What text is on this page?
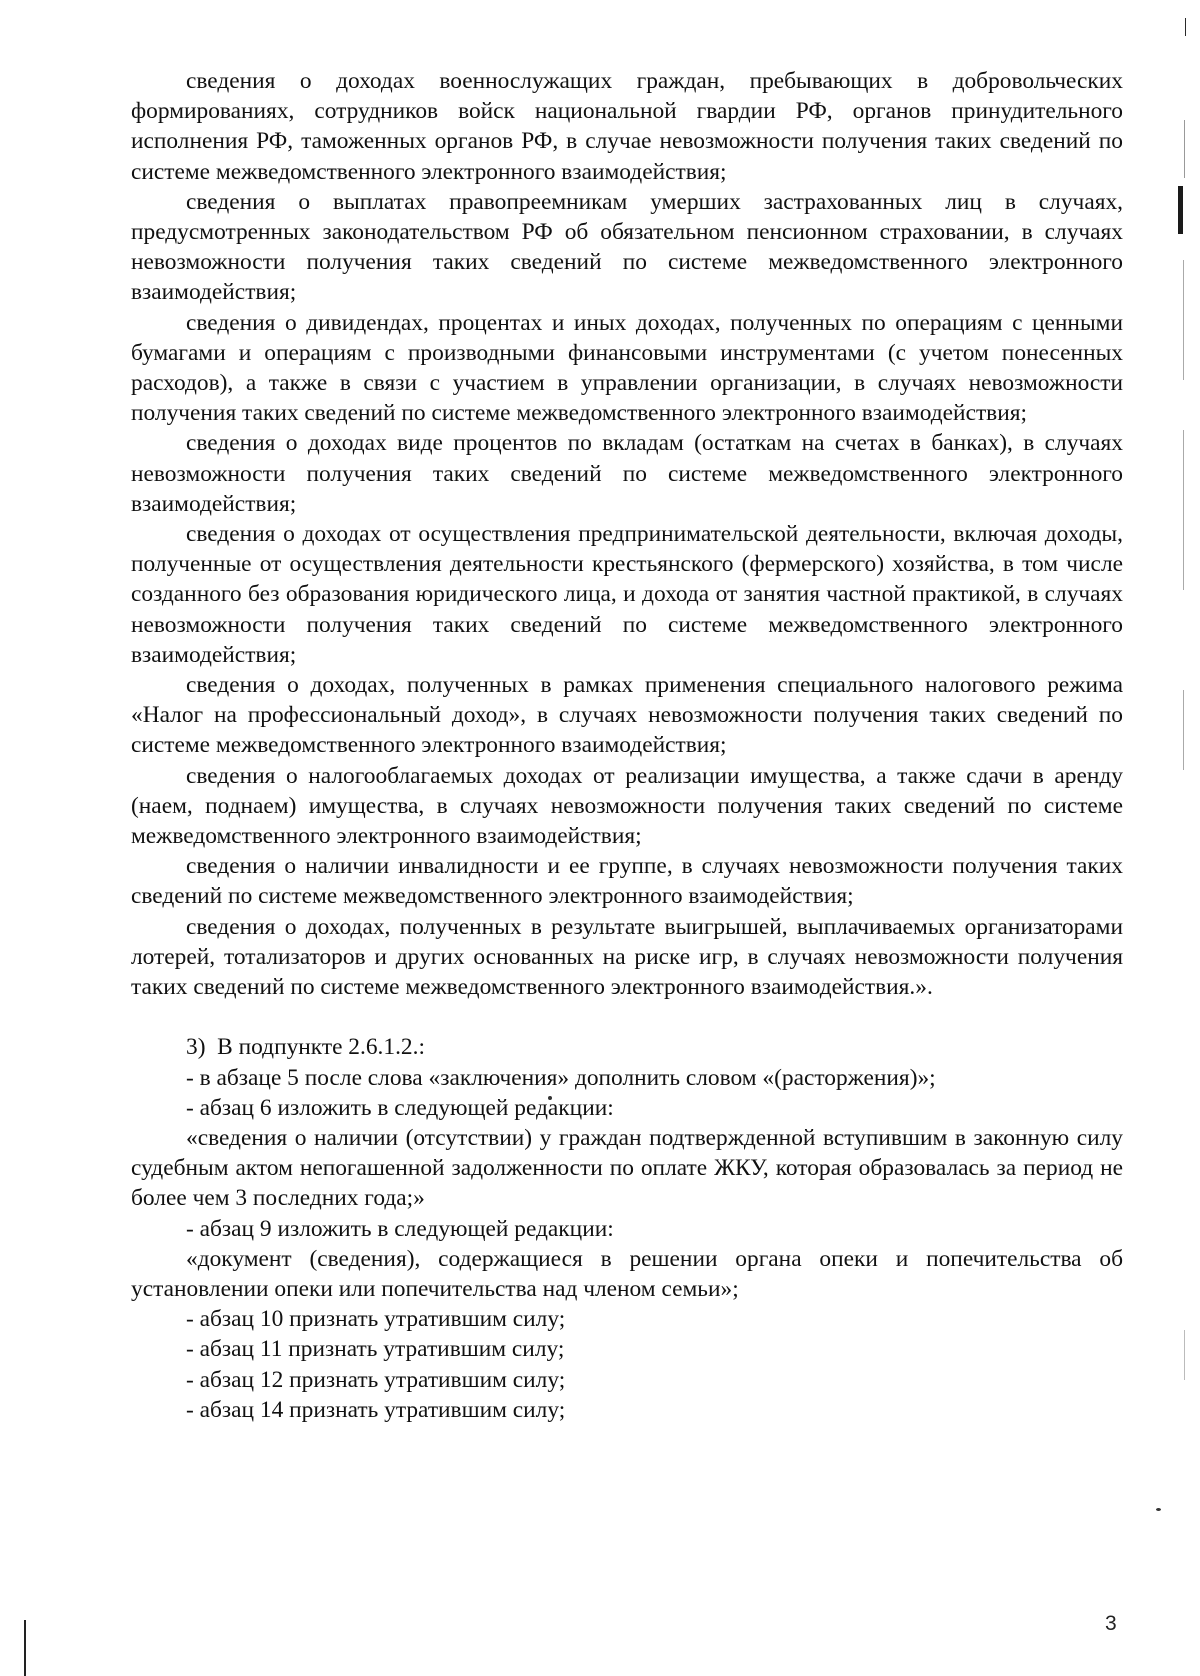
сведения о доходах военнослужащих граждан, пребывающих в добровольческих формированиях, сотрудников войск национальной гвардии РФ, органов принудительного исполнения РФ, таможенных органов РФ, в случае невозможности получения таких сведений по системе межведомственного электронного взаимодействия;

сведения о выплатах правопреемникам умерших застрахованных лиц в случаях, предусмотренных законодательством РФ об обязательном пенсионном страховании, в случаях невозможности получения таких сведений по системе межведомственного электронного взаимодействия;

сведения о дивидендах, процентах и иных доходах, полученных по операциям с ценными бумагами и операциям с производными финансовыми инструментами (с учетом понесенных расходов), а также в связи с участием в управлении организации, в случаях невозможности получения таких сведений по системе межведомственного электронного взаимодействия;

сведения о доходах виде процентов по вкладам (остаткам на счетах в банках), в случаях невозможности получения таких сведений по системе межведомственного электронного взаимодействия;

сведения о доходах от осуществления предпринимательской деятельности, включая доходы, полученные от осуществления деятельности крестьянского (фермерского) хозяйства, в том числе созданного без образования юридического лица, и дохода от занятия частной практикой, в случаях невозможности получения таких сведений по системе межведомственного электронного взаимодействия;

сведения о доходах, полученных в рамках применения специального налогового режима «Налог на профессиональный доход», в случаях невозможности получения таких сведений по системе межведомственного электронного взаимодействия;

сведения о налогооблагаемых доходах от реализации имущества, а также сдачи в аренду (наем, поднаем) имущества, в случаях невозможности получения таких сведений по системе межведомственного электронного взаимодействия;

сведения о наличии инвалидности и ее группе, в случаях невозможности получения таких сведений по системе межведомственного электронного взаимодействия;

сведения о доходах, полученных в результате выигрышей, выплачиваемых организаторами лотерей, тотализаторов и других основанных на риске игр, в случаях невозможности получения таких сведений по системе межведомственного электронного взаимодействия.».

3)  В подпункте 2.6.1.2.:

- в абзаце 5 после слова «заключения» дополнить словом «(расторжения)»;

- абзац 6 изложить в следующей редакции:

«сведения о наличии (отсутствии) у граждан подтвержденной вступившим в законную силу судебным актом непогашенной задолженности по оплате ЖКУ, которая образовалась за период не более чем 3 последних года;»

- абзац 9 изложить в следующей редакции:

«документ (сведения), содержащиеся в решении органа опеки и попечительства об установлении опеки или попечительства над членом семьи»;

- абзац 10 признать утратившим силу;

- абзац 11 признать утратившим силу;

- абзац 12 признать утратившим силу;

- абзац 14 признать утратившим силу;

3
